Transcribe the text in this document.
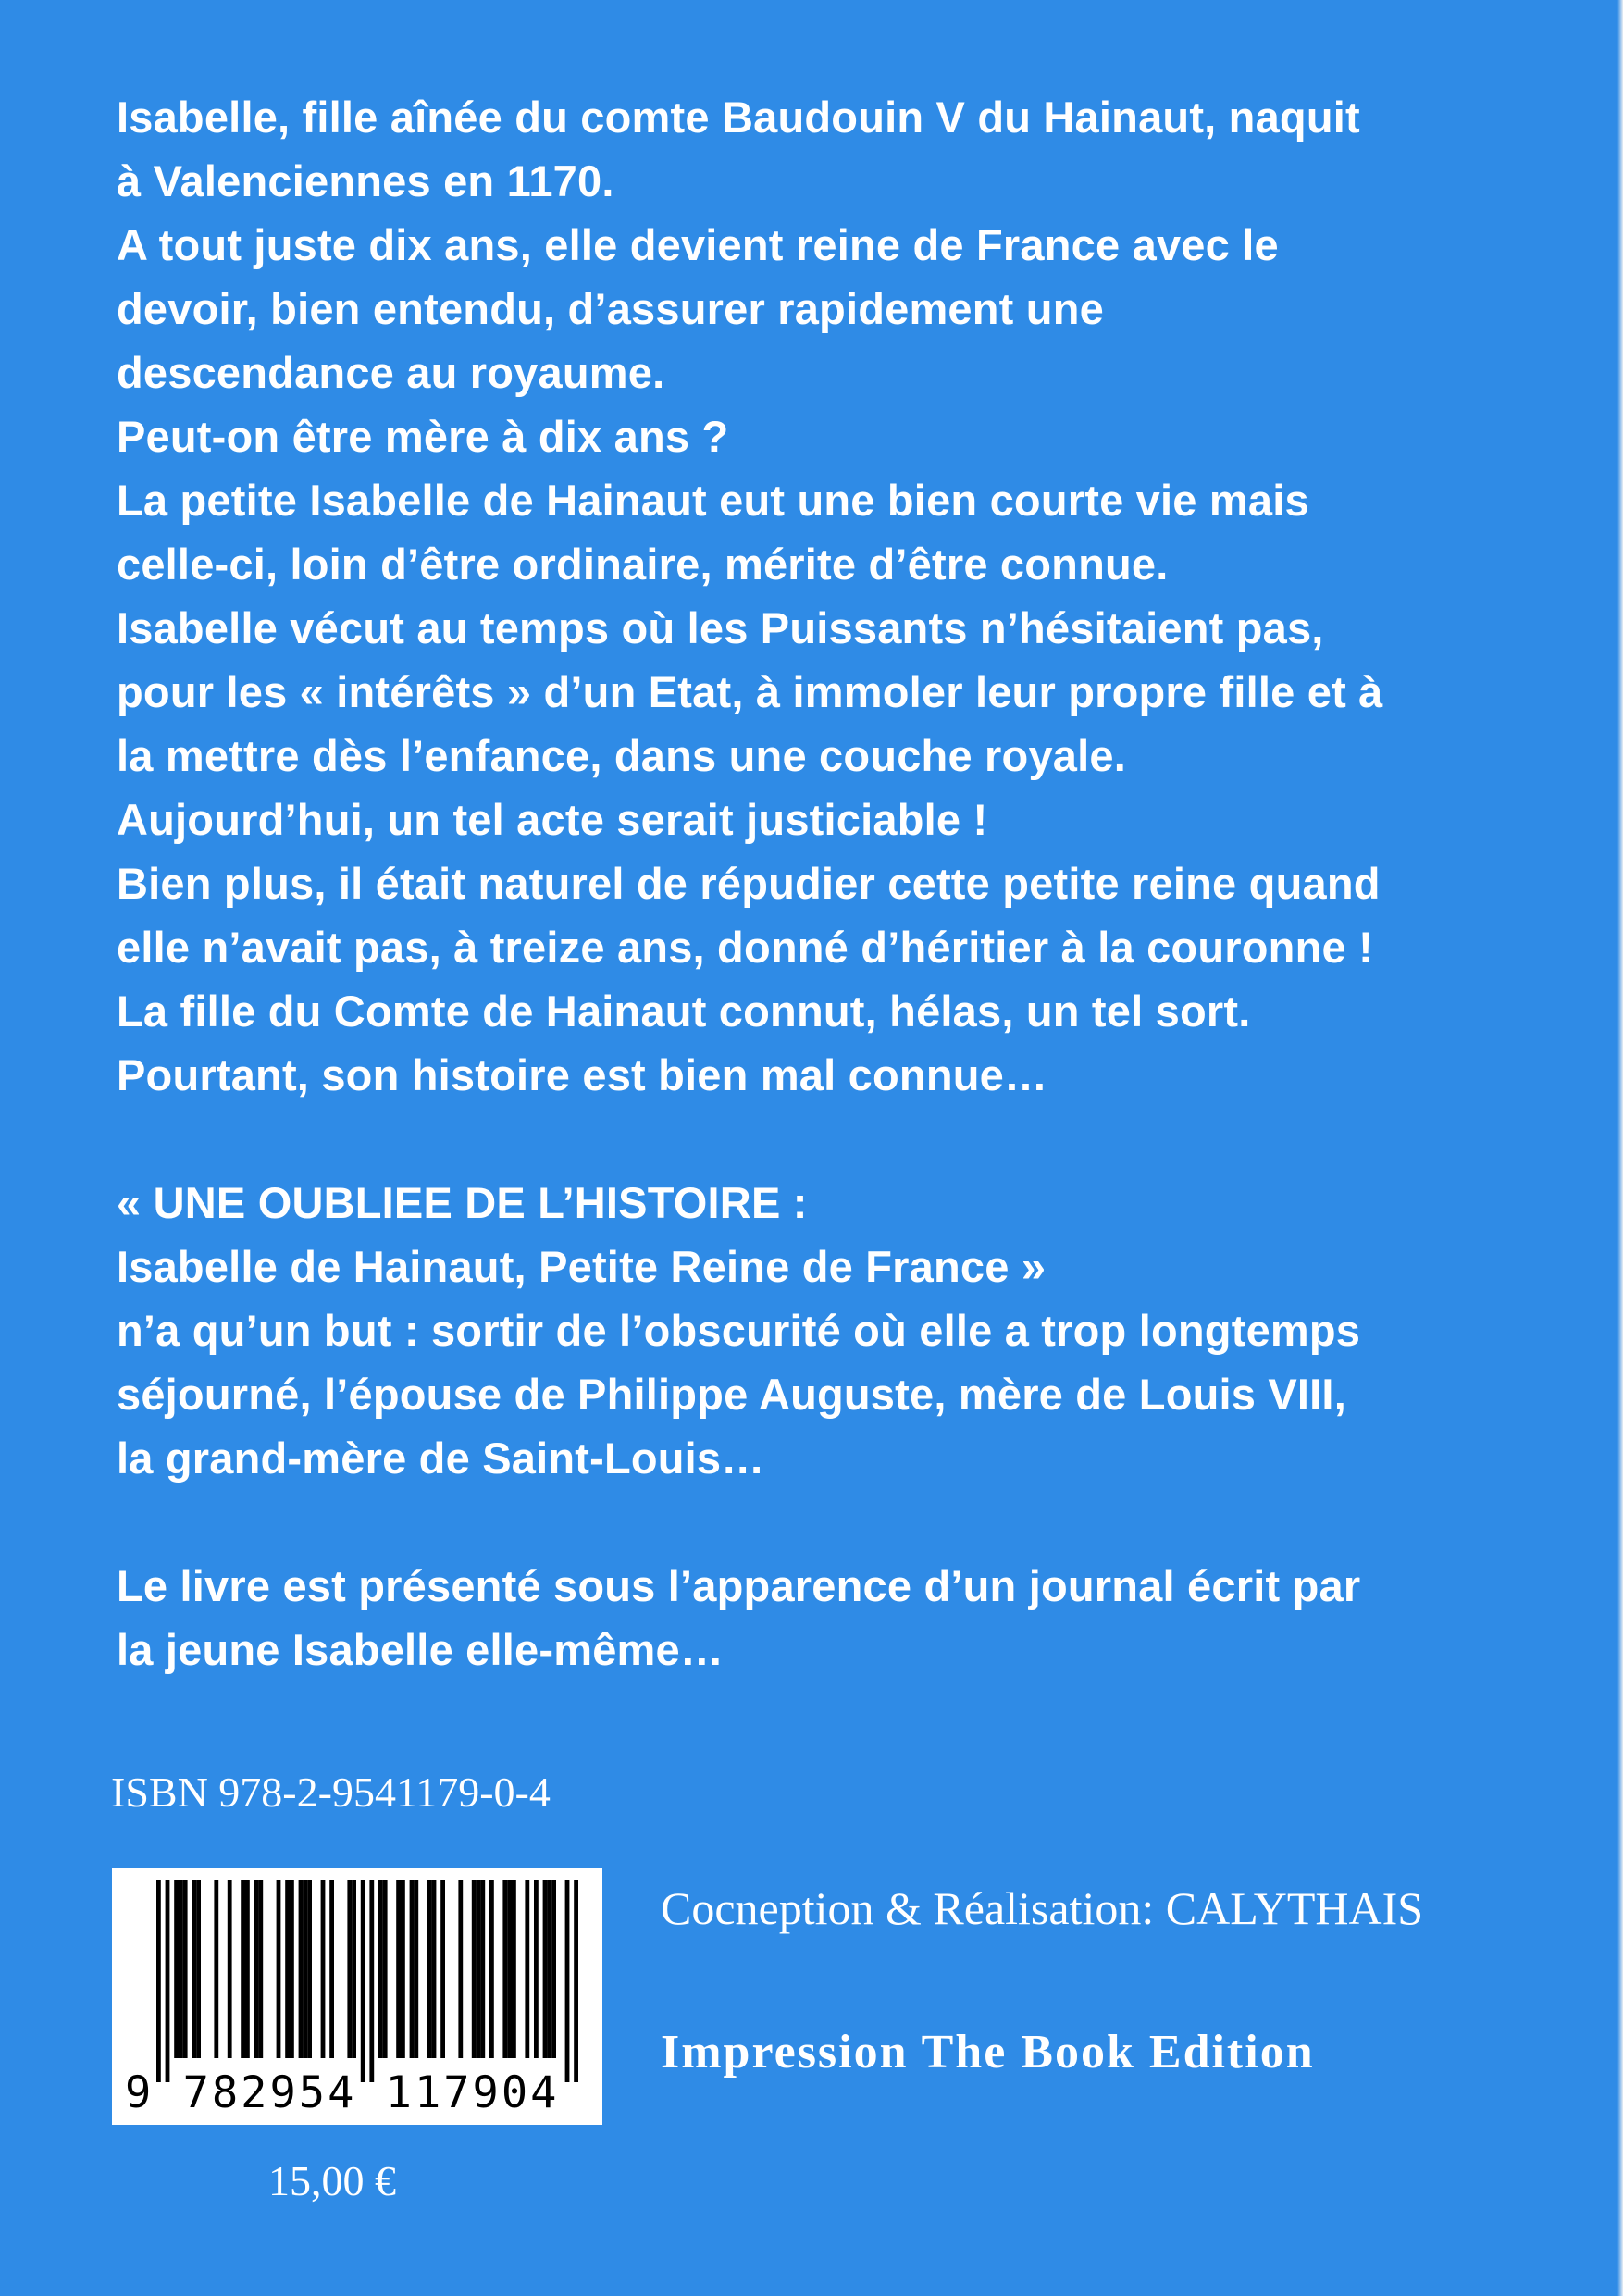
Isabelle, fille aînée du comte Baudouin V du Hainaut, naquit
à Valenciennes en 1170.
A tout juste dix ans, elle devient reine de France avec le
devoir, bien entendu, d’assurer rapidement une
descendance au royaume.
Peut-on être mère à dix ans ?
La petite Isabelle de Hainaut eut une bien courte vie mais
celle-ci, loin d’être ordinaire, mérite d’être connue.
Isabelle vécut au temps où les Puissants n’hésitaient pas,
pour les « intérêts » d’un Etat, à immoler leur propre fille et à
la mettre dès l’enfance, dans une couche royale.
Aujourd’hui, un tel acte serait justiciable !
Bien plus, il était naturel de répudier cette petite reine quand
elle n’avait pas, à treize ans, donné d’héritier à la couronne !
La fille du Comte de Hainaut connut, hélas, un tel sort.
Pourtant, son histoire est bien mal connue…
« UNE OUBLIEE DE L’HISTOIRE :
Isabelle de Hainaut, Petite Reine de France »
n’a qu’un but : sortir de l’obscurité où elle a trop longtemps
séjourné, l’épouse de Philippe Auguste, mère de Louis VIII,
la grand-mère de Saint-Louis…
Le livre est présenté sous l’apparence d’un journal écrit par
la jeune Isabelle elle-même…
ISBN 978-2-9541179-0-4
9 782954 117904
15,00 €
Cocneption & Réalisation: CALYTHAIS
Impression The Book Edition
